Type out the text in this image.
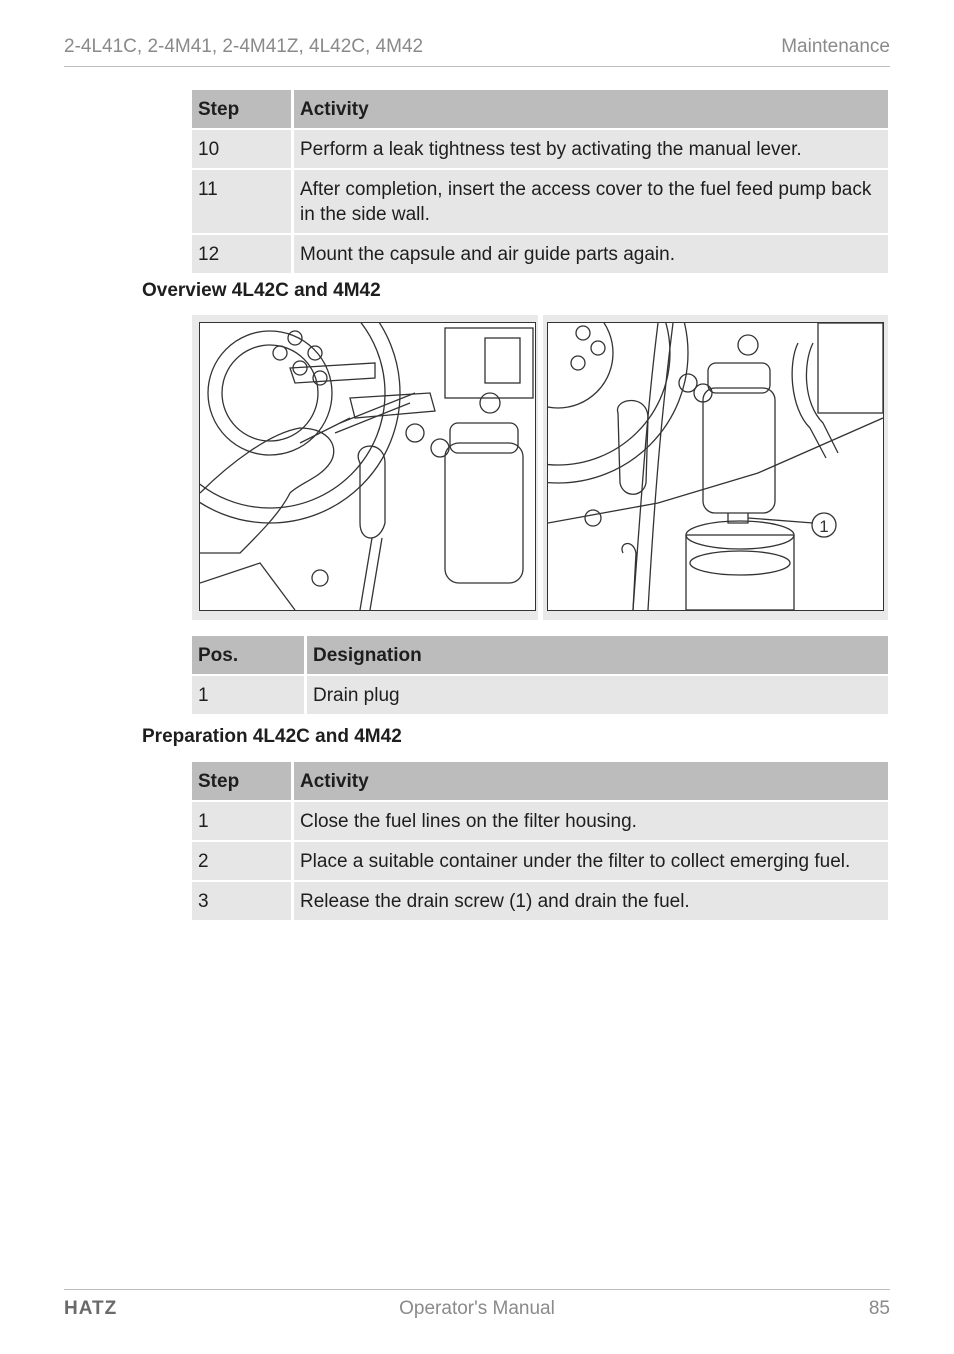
2-4L41C, 2-4M41, 2-4M41Z, 4L42C, 4M42	Maintenance
Step	Activity
10	Perform a leak tightness test by activating the manual lever.
11	After completion, insert the access cover to the fuel feed pump back in the side wall.
12	Mount the capsule and air guide parts again.
Overview 4L42C and 4M42
1
Pos.	Designation
1	Drain plug
Preparation 4L42C and 4M42
Step	Activity
1	Close the fuel lines on the filter housing.
2	Place a suitable container under the filter to collect emerging fuel.
3	Release the drain screw (1) and drain the fuel.
HATZ	Operator's Manual	85
